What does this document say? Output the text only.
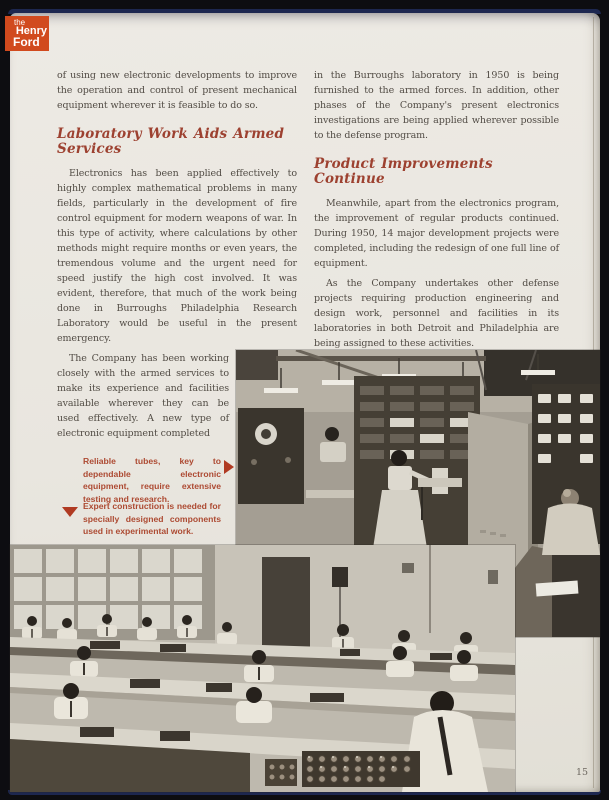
of using new electronic developments to improve the operation and control of present mechanical equipment wherever it is feasible to do so.

Laboratory Work Aids Armed Services

Electronics has been applied effectively to highly complex mathematical problems in many fields, particularly in the development of fire control equipment for modern weapons of war. In this type of activity, where calculations by other methods might require months or even years, the tremendous volume and the urgent need for speed justify the high cost involved. It was evident, therefore, that much of the work being done in Burroughs Philadelphia Research Laboratory would be useful in the present emergency.

The Company has been working closely with the armed services to make its experience and facilities available wherever they can be used effectively. A new type of electronic equipment completed

in the Burroughs laboratory in 1950 is being furnished to the armed forces. In addition, other phases of the Company's present electronics investigations are being applied wherever possible to the defense program.

Product Improvements Continue

Meanwhile, apart from the electronics program, the improvement of regular products continued. During 1950, 14 major development projects were completed, including the redesign of one full line of equipment.

As the Company undertakes other defense projects requiring production engineering and design work, personnel and facilities in its laboratories in both Detroit and Philadelphia are being assigned to these activities.

Reliable tubes, key to dependable electronic equipment, require extensive testing and research.
Expert construction is needed for specially designed components used in experimental work.
15
the
Henry
Ford
